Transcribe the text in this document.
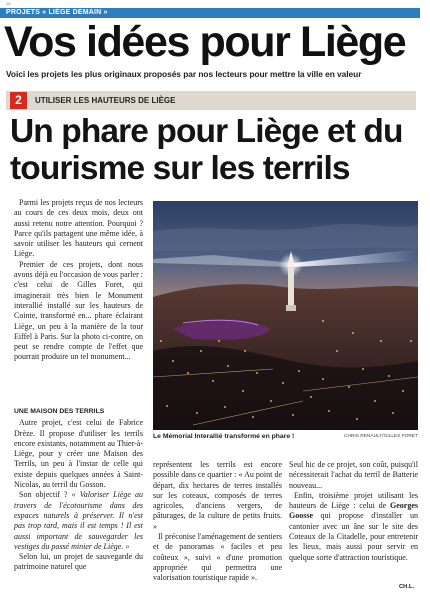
16
PROJETS « LIÈGE DEMAIN »
Vos idées pour Liège
Voici les projets les plus originaux proposés par nos lecteurs pour mettre la ville en valeur
2	UTILISER LES HAUTEURS DE LIÈGE
Un phare pour Liège et du tourisme sur les terrils

Parmi les projets reçus de nos lecteurs au cours de ces deux mois, deux ont aussi retenu notre attention. Pourquoi ? Parce qu'ils partagent une même idée, à savoir utiliser les hauteurs qui cernent Liège.

Premier de ces projets, dont nous avons déjà eu l'occasion de vous parler : c'est celui de Gilles Foret, qui imaginerait très bien le Monument interallié installé sur les hauteurs de Cointe, transformé en... phare éclairant Liège, un peu à la manière de la tour Eiffel à Paris. Sur la photo ci-contre, on peut se rendre compte de l'effet que pourrait produire un tel monument...

UNE MAISON DES TERRILS

Autre projet, c'est celui de Fabrice Drèze. Il propose d'utiliser les terrils encore existants, notamment au Thier-à-Liège, pour y créer une Maison des Terrils, un peu à l'instar de celle qui existe depuis quelques années à Saint-Nicolas, au terril du Gosson.

Son objectif ? « Valoriser Liège au travers de l'écotourisme dans des espaces naturels à préserver. Il n'est pas trop tard, mais il est temps ! Il est aussi important de sauvegarder les vestiges du passé minier de Liège. »

Selon lui, un projet de sauvegarde du patrimoine naturel que

Le Mémorial Interallié transformé en phare !	CHRIS RENAULT/GILLES FORET

représentent les terrils est encore possible dans ce quartier : « Au point de départ, dix hectares de terres installés sur les coteaux, composés de terres agricoles, d'anciens vergers, de pâturages, de la culture de petits fruits. »

Il préconise l'aménagement de sentiers et de panoramas « faciles et peu coûteux », suivi « d'une promotion appropriée qui permettra une valorisation touristique rapide ».

Seul hic de ce projet, son coût, puisqu'il nécessiterait l'achat du terril de Batterie nouveau...

Enfin, troisième projet utilisant les hauteurs de Liège : celui de Georges Goosse qui propose d'installer un cantonier avec un âne sur le site des Coteaux de la Citadelle, pour entretenir les lieux, mais aussi pour servir en quelque sorte d'attraction touristique.

CH.L.
